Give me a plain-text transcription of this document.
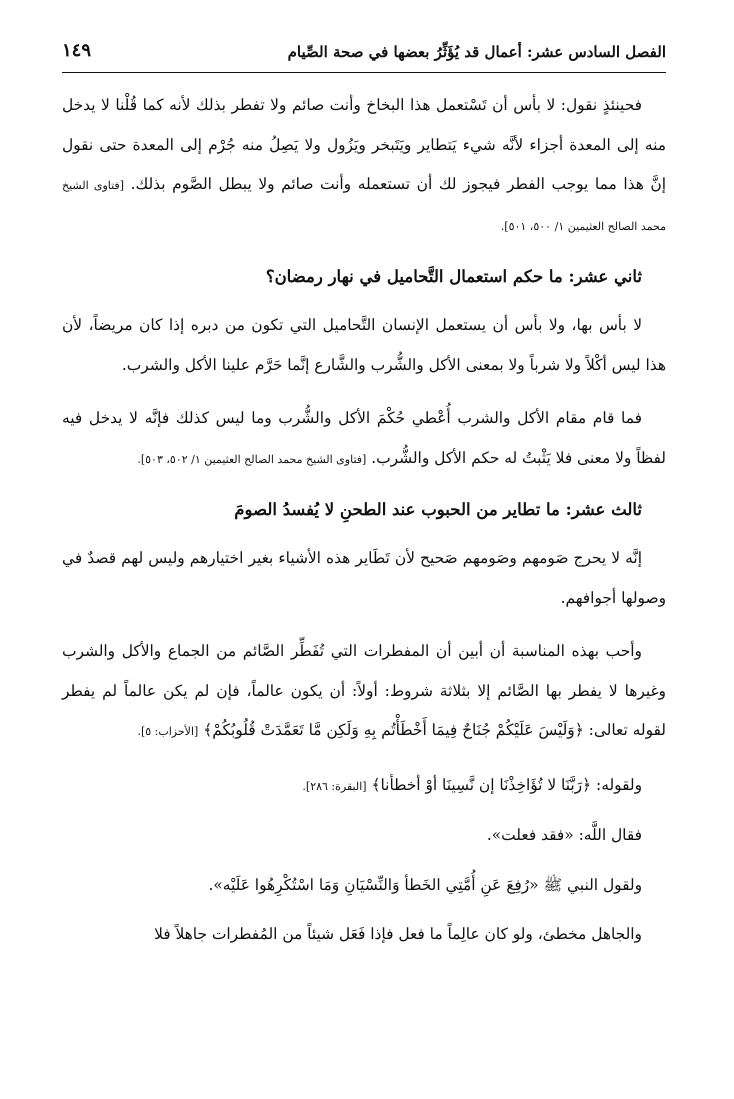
الفصل السادس عشر: أعمال قد يُؤَثِّرُ بعضها في صحة الصِّيام
١٤٩

فحينئذٍ نقول: لا بأس أن تَسْتعمل هذا البخاخ وأنت صائم ولا تفطر بذلك لأنه كما قُلْنا لا يدخل منه إلى المعدة أجزاء لأنَّه شيء يَتطاير ويَتَبخر ويَزُول ولا يَصِلُ منه جُرْم إلى المعدة حتى نقول إنَّ هذا مما يوجب الفطر فيجوز لك أن تستعمله وأنت صائم ولا يبطل الصَّوم بذلك. [فتاوى الشيخ محمد الصالح العثيمين ١/ ٥٠٠، ٥٠١].

ثاني عشر: ما حكم استعمال التَّحاميل في نهار رمضان؟

لا بأس بها، ولا بأس أن يستعمل الإنسان التَّحاميل التي تكون من دبره إذا كان مريضاً، لأن هذا ليس أكْلاً ولا شرباً ولا بمعنى الأكل والشُّرب والشَّارع إنَّما حَرَّم علينا الأكل والشرب.

فما قام مقام الأكل والشرب أُعْطي حُكْمَ الأكل والشُّرب وما ليس كذلك فإنَّه لا يدخل فيه لفظاً ولا معنى فلا يَثْبتُ له حكم الأكل والشُّرب. [فتاوى الشيخ محمد الصالح العثيمين ١/ ٥٠٢، ٥٠٣].

ثالث عشر: ما تطاير من الحبوب عند الطحنِ لا يُفسدُ الصومَ

إنَّه لا يحرج صَومهم وصَومهم صَحيح لأن تَطَاير هذه الأشياء بغير اختيارهم وليس لهم قصدٌ في وصولها أجوافهم.

وأحب بهذه المناسبة أن أبين أن المفطرات التي تُفَطِّر الصَّائم من الجماع والأكل والشرب وغيرها لا يفطر بها الصَّائم إلا بثلاثة شروط: أولاً: أن يكون عالماً، فإن لم يكن عالماً لم يفطر لقوله تعالى: ﴿وَلَيْسَ عَلَيْكُمْ جُنَاحٌ فِيمَا أَخْطَأْتُم بِهِ وَلَكِن مَّا تَعَمَّدَتْ قُلُوبُكُمْ﴾ [الأحزاب: ٥].

ولقوله: ﴿رَبَّنَا لا تُؤَاخِذْنَا إن نَّسِينَا أوْ أخطأنا﴾ [البقرة: ٢٨٦].

فقال اللَّه: «فقد فعلت».

ولقول النبي ﷺ «رُفِعَ عَنِ أُمَّتِي الخَطأ وَالنِّسْيَانِ وَمَا اسْتُكْرِهُوا عَلَيْه».

والجاهل مخطئ، ولو كان عالِماً ما فعل فإذا فَعَل شيئاً من المُفطرات جاهلاً فلا
